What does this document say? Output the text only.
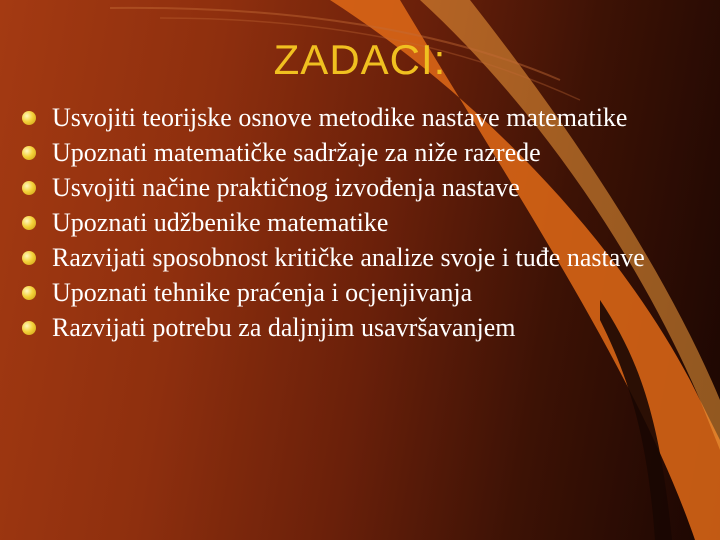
ZADACI:
Usvojiti teorijske osnove metodike nastave matematike
Upoznati matematičke sadržaje za niže razrede
Usvojiti načine praktičnog izvođenja nastave
Upoznati udžbenike matematike
Razvijati sposobnost kritičke analize svoje i tuđe nastave
Upoznati tehnike praćenja i ocjenjivanja
Razvijati potrebu za daljnjim usavršavanjem
